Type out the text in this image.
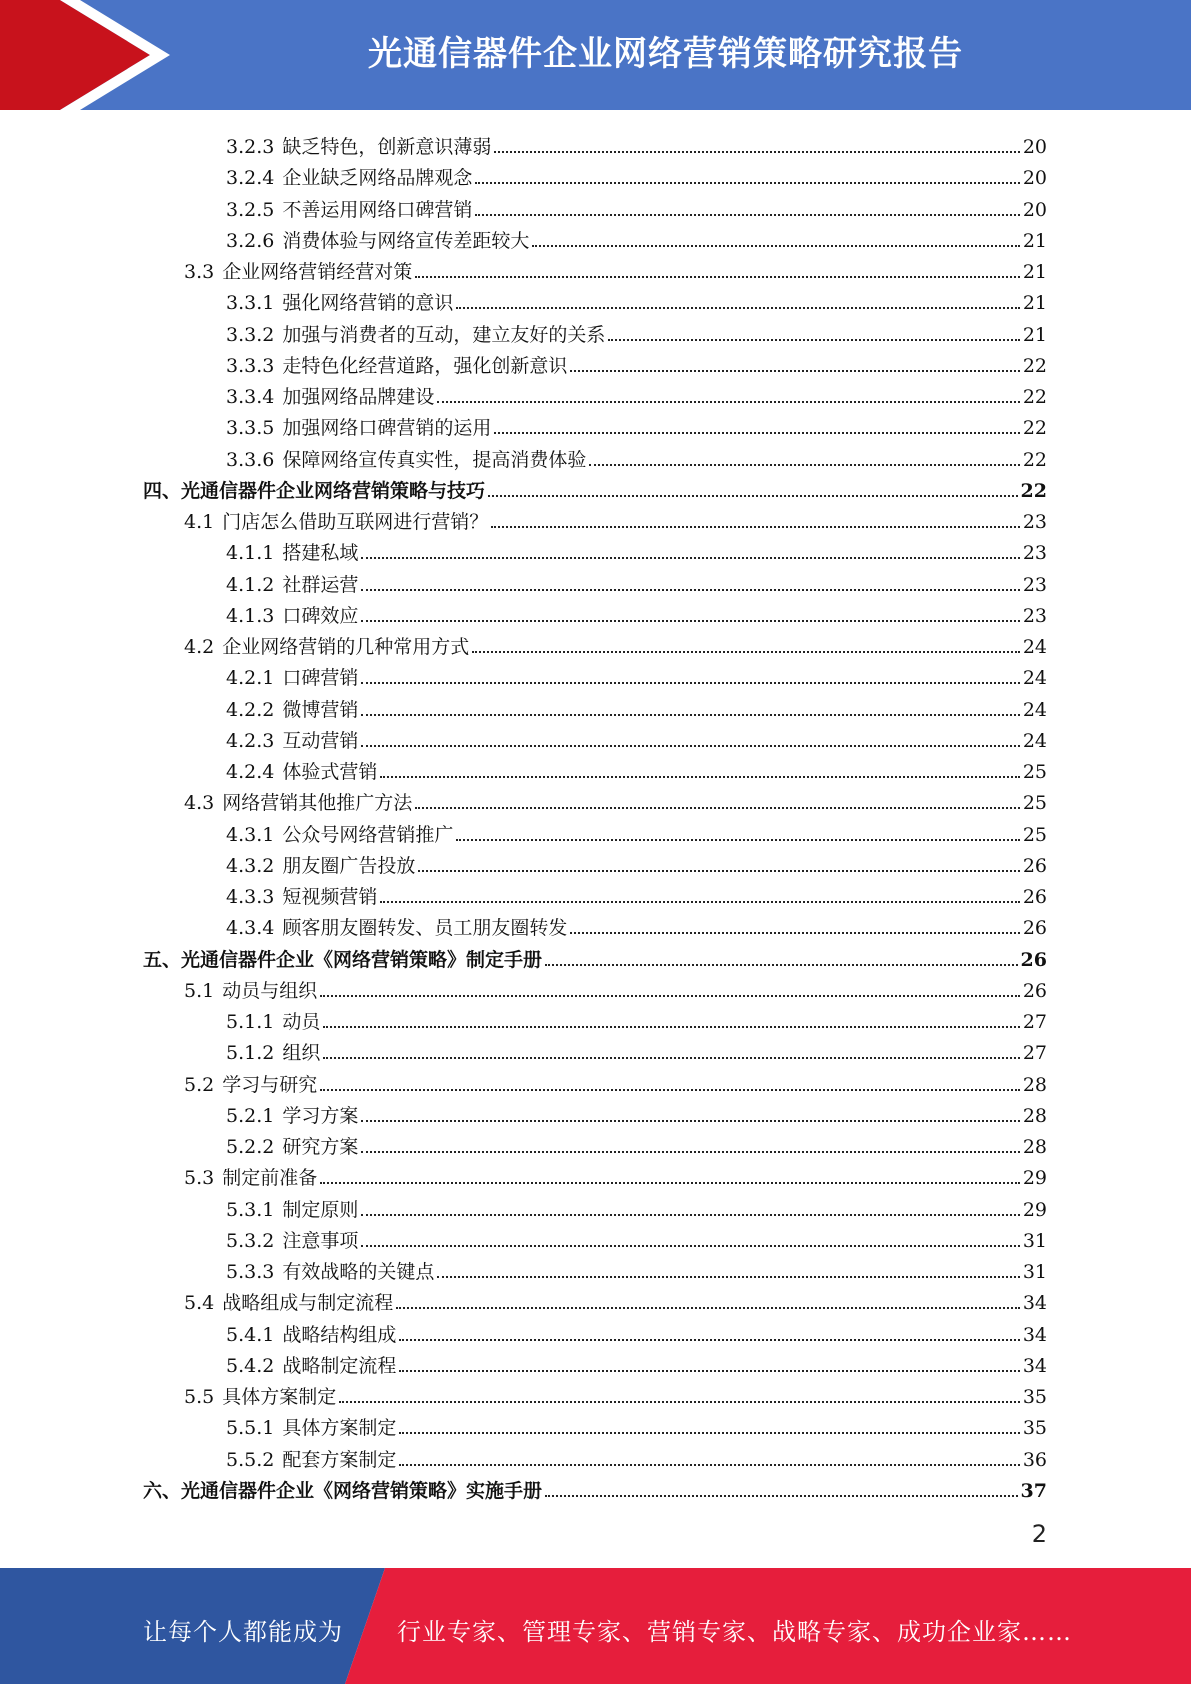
光通信器件企业网络营销策略研究报告
3.2.3 缺乏特色，创新意识薄弱	20
3.2.4 企业缺乏网络品牌观念	20
3.2.5 不善运用网络口碑营销	20
3.2.6 消费体验与网络宣传差距较大	21
3.3 企业网络营销经营对策	21
3.3.1 强化网络营销的意识	21
3.3.2 加强与消费者的互动，建立友好的关系	21
3.3.3 走特色化经营道路，强化创新意识	22
3.3.4 加强网络品牌建设	22
3.3.5 加强网络口碑营销的运用	22
3.3.6 保障网络宣传真实性，提高消费体验	22
四、光通信器件企业网络营销策略与技巧	22
4.1 门店怎么借助互联网进行营销？	23
4.1.1 搭建私域	23
4.1.2 社群运营	23
4.1.3 口碑效应	23
4.2 企业网络营销的几种常用方式	24
4.2.1 口碑营销	24
4.2.2 微博营销	24
4.2.3 互动营销	24
4.2.4 体验式营销	25
4.3 网络营销其他推广方法	25
4.3.1 公众号网络营销推广	25
4.3.2 朋友圈广告投放	26
4.3.3 短视频营销	26
4.3.4 顾客朋友圈转发、员工朋友圈转发	26
五、光通信器件企业《网络营销策略》制定手册	26
5.1 动员与组织	26
5.1.1 动员	27
5.1.2 组织	27
5.2 学习与研究	28
5.2.1 学习方案	28
5.2.2 研究方案	28
5.3 制定前准备	29
5.3.1 制定原则	29
5.3.2 注意事项	31
5.3.3 有效战略的关键点	31
5.4 战略组成与制定流程	34
5.4.1 战略结构组成	34
5.4.2 战略制定流程	34
5.5 具体方案制定	35
5.5.1 具体方案制定	35
5.5.2 配套方案制定	36
六、光通信器件企业《网络营销策略》实施手册	37
2
让每个人都能成为 行业专家、管理专家、营销专家、战略专家、成功企业家……
